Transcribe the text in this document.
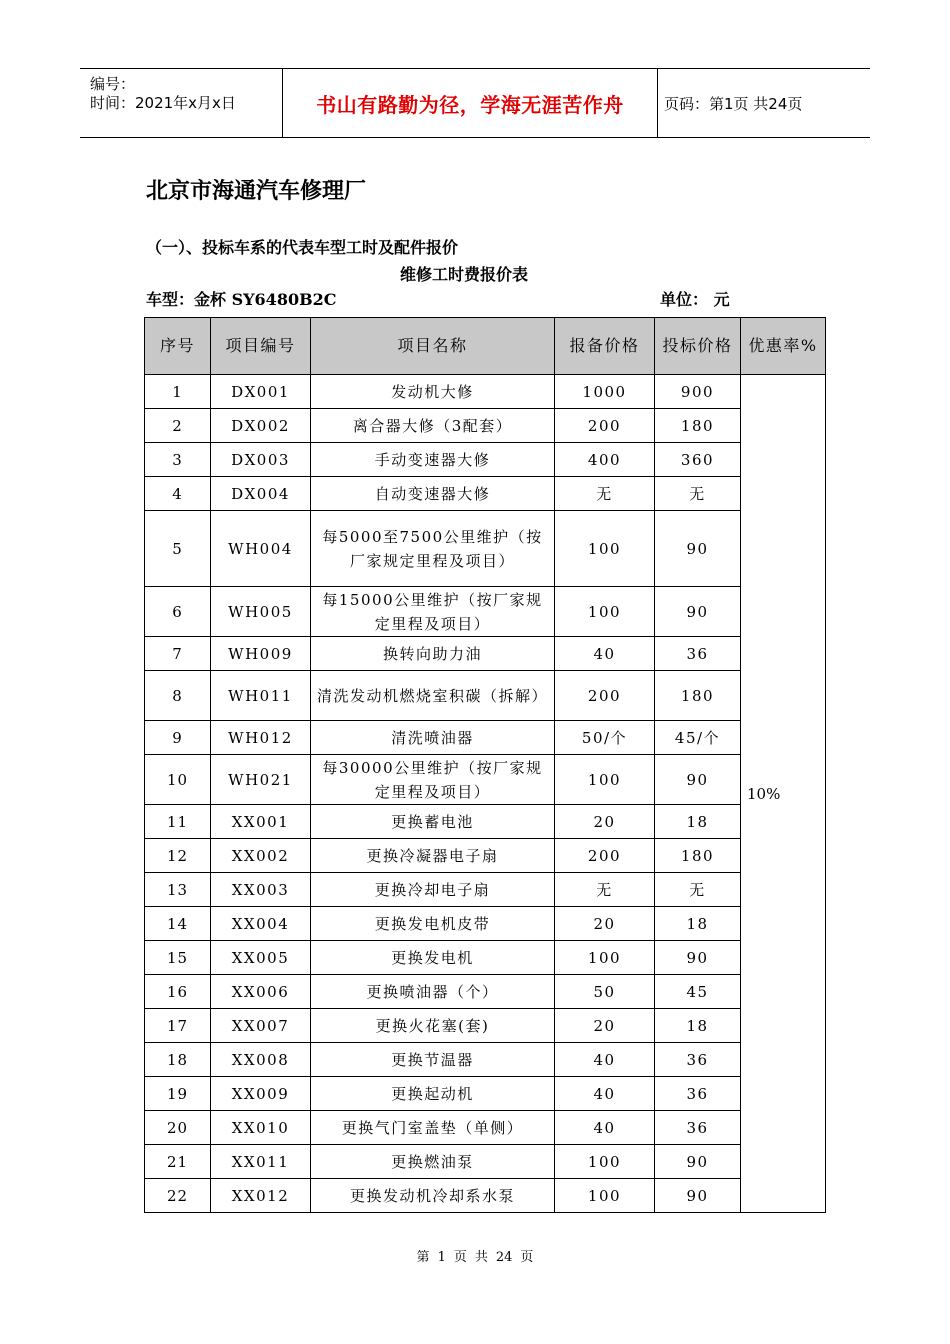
编号：
时间：2021年x月x日	书山有路勤为径，学海无涯苦作舟	页码：第1页 共24页
北京市海通汽车修理厂
（一）、投标车系的代表车型工时及配件报价
维修工时费报价表
车型：金杯 SY6480B2C	单位： 元
序号	项目编号	项目名称	报备价格	投标价格	优惠率%
1	DX001	发动机大修	1000	900	10%
2	DX002	离合器大修（3配套）	200	180	
3	DX003	手动变速器大修	400	360	
4	DX004	自动变速器大修	无	无	
5	WH004	每5000至7500公里维护（按厂家规定里程及项目）	100	90	
6	WH005	每15000公里维护（按厂家规定里程及项目）	100	90	
7	WH009	换转向助力油	40	36	
8	WH011	清洗发动机燃烧室积碳（拆解）	200	180	
9	WH012	清洗喷油器	50/个	45/个	
10	WH021	每30000公里维护（按厂家规定里程及项目）	100	90	
11	XX001	更换蓄电池	20	18	
12	XX002	更换冷凝器电子扇	200	180	
13	XX003	更换冷却电子扇	无	无	
14	XX004	更换发电机皮带	20	18	
15	XX005	更换发电机	100	90	
16	XX006	更换喷油器（个）	50	45	
17	XX007	更换火花塞(套)	20	18	
18	XX008	更换节温器	40	36	
19	XX009	更换起动机	40	36	
20	XX010	更换气门室盖垫（单侧）	40	36	
21	XX011	更换燃油泵	100	90	
22	XX012	更换发动机冷却系水泵	100	90	
第 1 页 共 24 页
